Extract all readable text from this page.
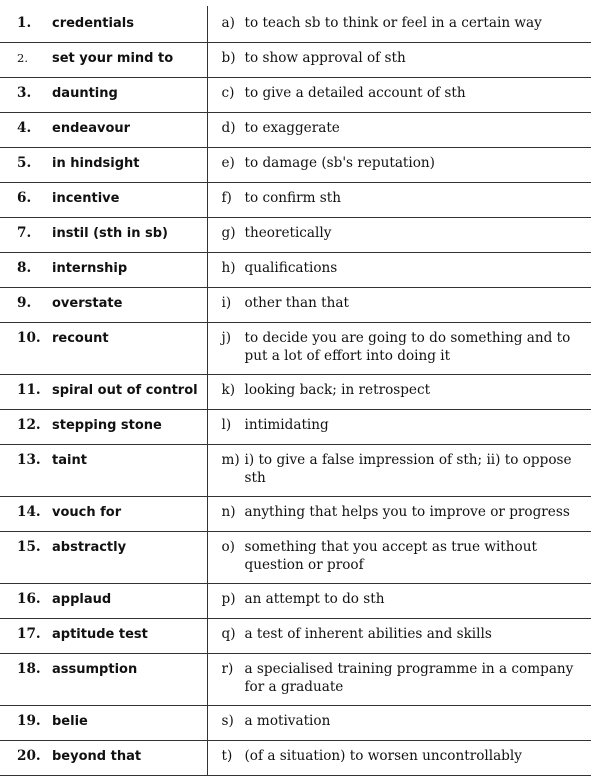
1. credentials	a) to teach sb to think or feel in a certain way

2. set your mind to	b) to show approval of sth

3. daunting	c) to give a detailed account of sth

4. endeavour	d) to exaggerate

5. in hindsight	e) to damage (sb's reputation)

6. incentive	f) to confirm sth

7. instil (sth in sb)	g) theoretically

8. internship	h) qualifications

9. overstate	i) other than that

10. recount	j) to decide you are going to do something and to put a lot of effort into doing it

11. spiral out of control	k) looking back; in retrospect

12. stepping stone	l) intimidating

13. taint	m) i) to give a false impression of sth; ii) to oppose sth

14. vouch for	n) anything that helps you to improve or progress

15. abstractly	o) something that you accept as true without question or proof

16. applaud	p) an attempt to do sth

17. aptitude test	q) a test of inherent abilities and skills

18. assumption	r) a specialised training programme in a company for a graduate

19. belie	s) a motivation

20. beyond that	t) (of a situation) to worsen uncontrollably
